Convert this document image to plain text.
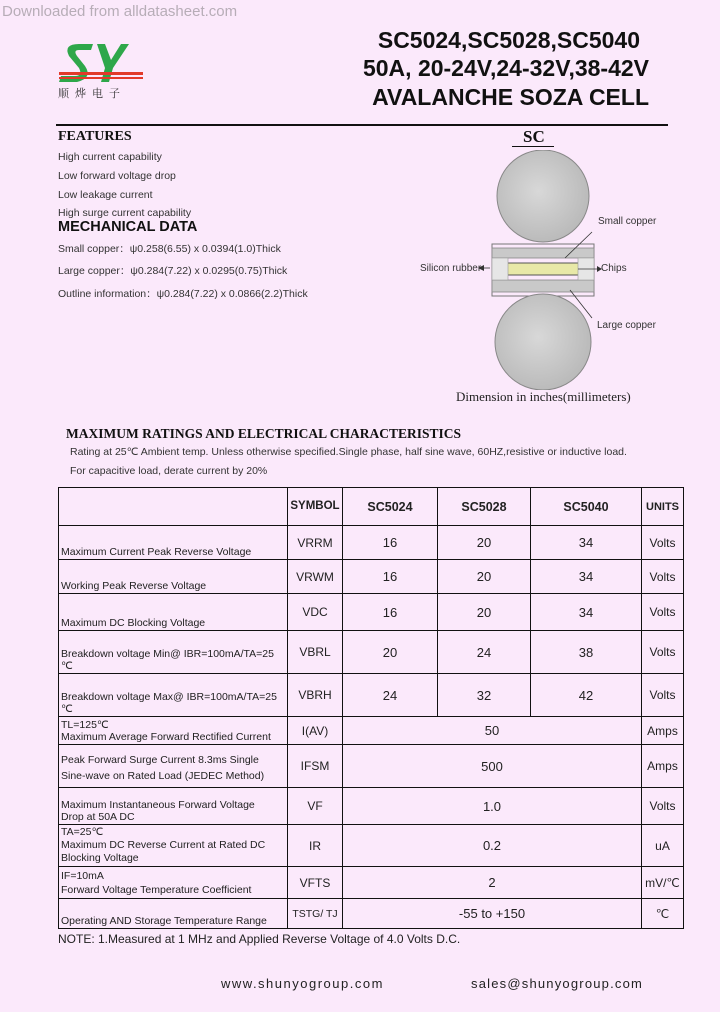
Downloaded from alldatasheet.com
顺烨电子
SC5024,SC5028,SC5040
50A, 20-24V,24-32V,38-42V
AVALANCHE SOZA CELL
FEATURES
High current capability
Low forward voltage drop
Low leakage current
High surge current capability
MECHANICAL DATA
Small copper：ψ0.258(6.55) x 0.0394(1.0)Thick
Large copper：ψ0.284(7.22) x 0.0295(0.75)Thick
Outline information：ψ0.284(7.22) x 0.0866(2.2)Thick
SC
Small copper
Silicon rubber	Chips
Large copper
Dimension in inches(millimeters)
MAXIMUM RATINGS AND ELECTRICAL CHARACTERISTICS
Rating at 25℃ Ambient temp. Unless otherwise specified.Single phase, half sine wave, 60HZ,resistive or inductive load.
For capacitive load, derate current by 20%
	SYMBOL	SC5024	SC5028	SC5040	UNITS
Maximum Current Peak Reverse Voltage	VRRM	16	20	34	Volts
Working Peak Reverse Voltage	VRWM	16	20	34	Volts
Maximum DC Blocking Voltage	VDC	16	20	34	Volts
Breakdown voltage Min@ IBR=100mA/TA=25 ℃	VBRL	20	24	38	Volts
Breakdown voltage Max@ IBR=100mA/TA=25 ℃	VBRH	24	32	42	Volts
TL=125℃
Maximum Average Forward Rectified Current	I(AV)	50			Amps
Peak Forward Surge Current 8.3ms Single
Sine-wave on Rated Load (JEDEC Method)	IFSM	500			Amps
Maximum Instantaneous Forward Voltage
Drop at 50A DC	VF	1.0			Volts
TA=25℃
Maximum DC Reverse Current at Rated DC
Blocking Voltage	IR	0.2			uA
IF=10mA
Forward Voltage Temperature Coefficient	VFTS	2			mV/℃
Operating AND Storage Temperature Range	TSTG/ TJ	-55 to +150			℃
NOTE: 1.Measured at 1 MHz and Applied Reverse Voltage of 4.0 Volts D.C.
www.shunyogroup.com	sales@shunyogroup.com
